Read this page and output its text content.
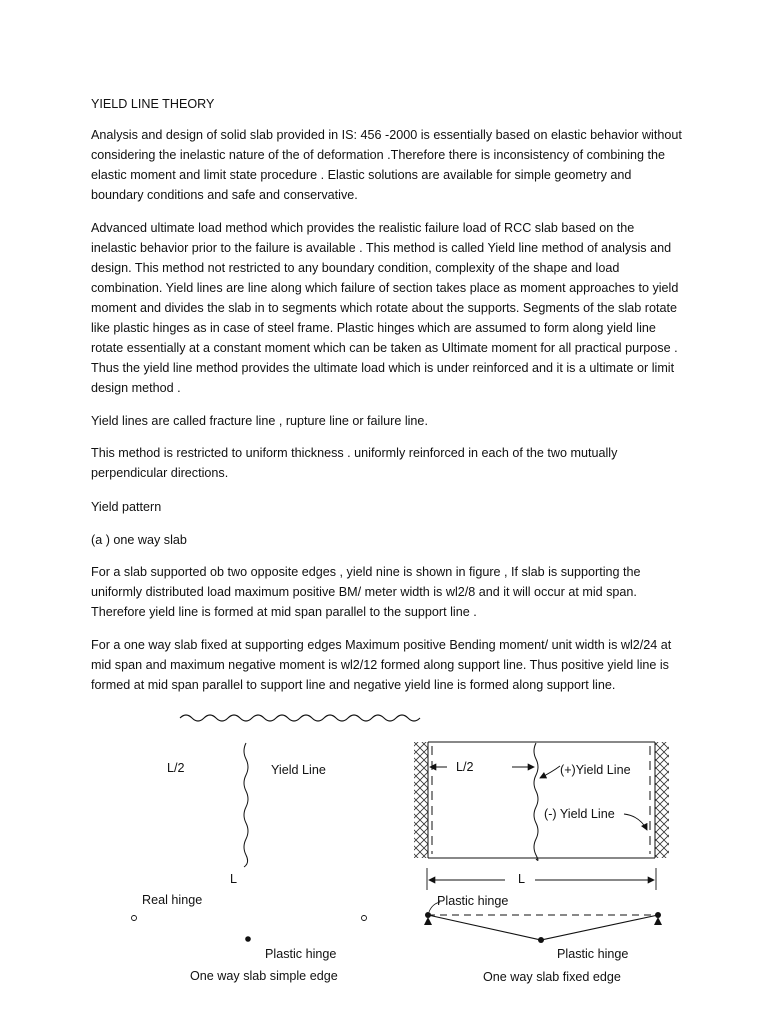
YIELD LINE THEORY

Analysis and design of solid slab provided in IS: 456 -2000 is essentially based on elastic behavior without considering the inelastic nature of the of deformation .Therefore there is inconsistency of combining the elastic moment and limit state procedure . Elastic solutions are available for simple geometry and boundary conditions and safe and conservative.

Advanced ultimate load method which provides the realistic failure load of RCC slab based on the inelastic behavior prior to the failure is available . This method is called Yield line method of analysis and design. This method not restricted to any boundary condition, complexity of the shape and load combination. Yield lines are line along which failure of section takes place as moment approaches to yield moment and divides the slab in to segments which rotate about the supports. Segments of the slab rotate like plastic hinges as in case of steel frame. Plastic hinges which are assumed to form along yield line rotate essentially at a constant moment which can be taken as Ultimate moment for all practical purpose . Thus the yield line method provides the ultimate load which is under reinforced and it is a ultimate or limit design method .

Yield lines are called fracture line , rupture line or failure line.

This method is restricted to uniform thickness . uniformly reinforced in each of the two mutually perpendicular directions.

Yield pattern

(a ) one way slab

For a slab supported ob two opposite edges , yield nine is shown in figure , If slab is supporting the uniformly distributed load maximum positive BM/ meter width is wl2/8 and it will occur at mid span. Therefore yield line is formed at mid span parallel to the support line .

For a one way slab fixed at supporting edges Maximum positive Bending moment/ unit width is wl2/24 at mid span and maximum negative moment is wl2/12 formed along support line. Thus positive yield line is formed at mid span parallel to support line and negative yield line is formed along support line.

L/2	Yield Line
L
Real hinge
Plastic hinge
One way slab simple edge
L/2	(+)Yield Line
(-) Yield Line
L
Plastic hinge
Plastic hinge
One way slab fixed edge
